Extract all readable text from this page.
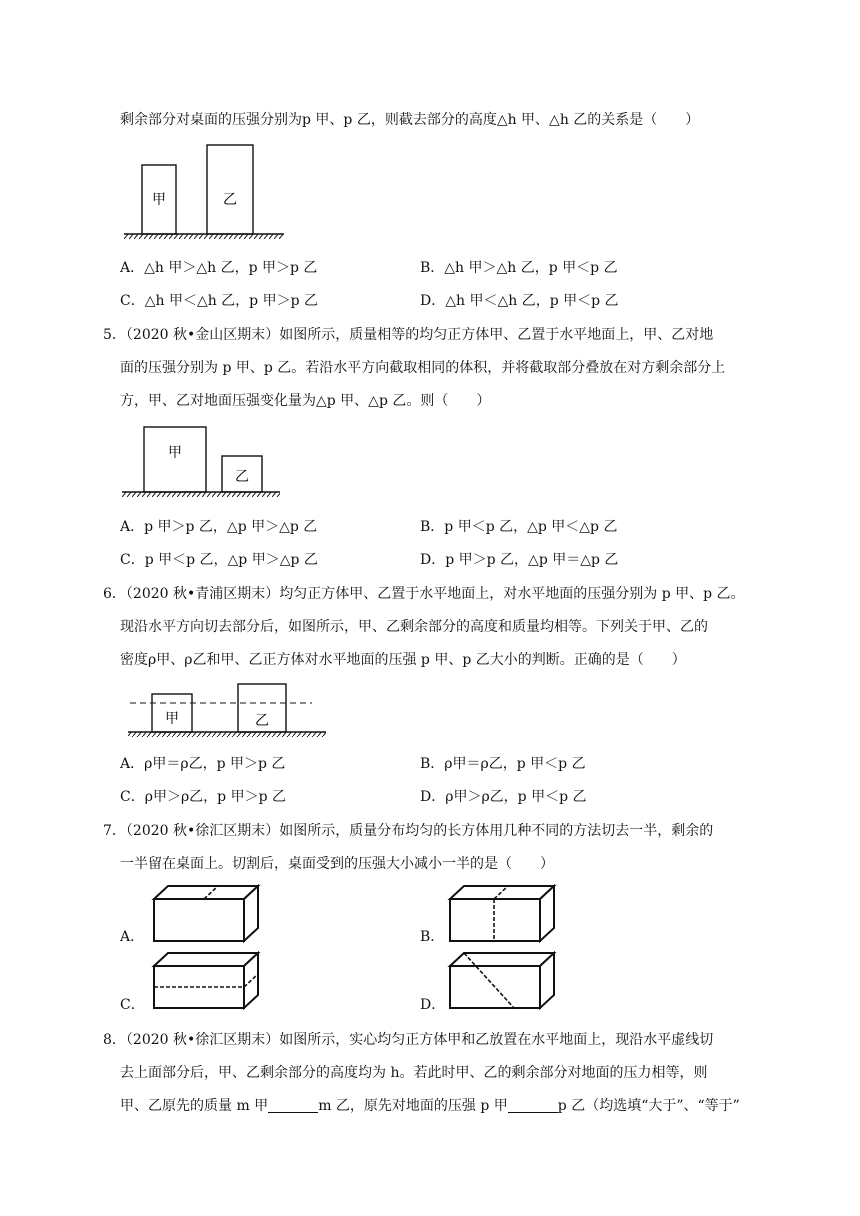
剩余部分对桌面的压强分别为p 甲、p 乙，则截去部分的高度△h 甲、△h 乙的关系是（　　）
甲	乙
A．△h 甲＞△h 乙，p 甲＞p 乙	B．△h 甲＞△h 乙，p 甲＜p 乙
C．△h 甲＜△h 乙，p 甲＞p 乙	D．△h 甲＜△h 乙，p 甲＜p 乙
5．（2020 秋•金山区期末）如图所示，质量相等的均匀正方体甲、乙置于水平地面上，甲、乙对地
面的压强分别为 p 甲、p 乙。若沿水平方向截取相同的体积，并将截取部分叠放在对方剩余部分上
方，甲、乙对地面压强变化量为△p 甲、△p 乙。则（　　）
甲
乙
A．p 甲＞p 乙，△p 甲＞△p 乙	B．p 甲＜p 乙，△p 甲＜△p 乙
C．p 甲＜p 乙，△p 甲＞△p 乙	D．p 甲＞p 乙，△p 甲＝△p 乙
6．（2020 秋•青浦区期末）均匀正方体甲、乙置于水平地面上，对水平地面的压强分别为 p 甲、p 乙。
现沿水平方向切去部分后，如图所示，甲、乙剩余部分的高度和质量均相等。下列关于甲、乙的
密度ρ甲、ρ乙和甲、乙正方体对水平地面的压强 p 甲、p 乙大小的判断。正确的是（　　）
甲	乙
A．ρ甲＝ρ乙，p 甲＞p 乙	B．ρ甲＝ρ乙，p 甲＜p 乙
C．ρ甲＞ρ乙，p 甲＞p 乙	D．ρ甲＞ρ乙，p 甲＜p 乙
7．（2020 秋•徐汇区期末）如图所示，质量分布均匀的长方体用几种不同的方法切去一半，剩余的
一半留在桌面上。切割后，桌面受到的压强大小减小一半的是（　　）
A．	B．
C．	D．
8．（2020 秋•徐汇区期末）如图所示，实心均匀正方体甲和乙放置在水平地面上，现沿水平虚线切
去上面部分后，甲、乙剩余部分的高度均为 h。若此时甲、乙的剩余部分对地面的压力相等，则
甲、乙原先的质量 m 甲	m 乙，原先对地面的压强 p 甲	p 乙（均选填“大于”、“等于”
